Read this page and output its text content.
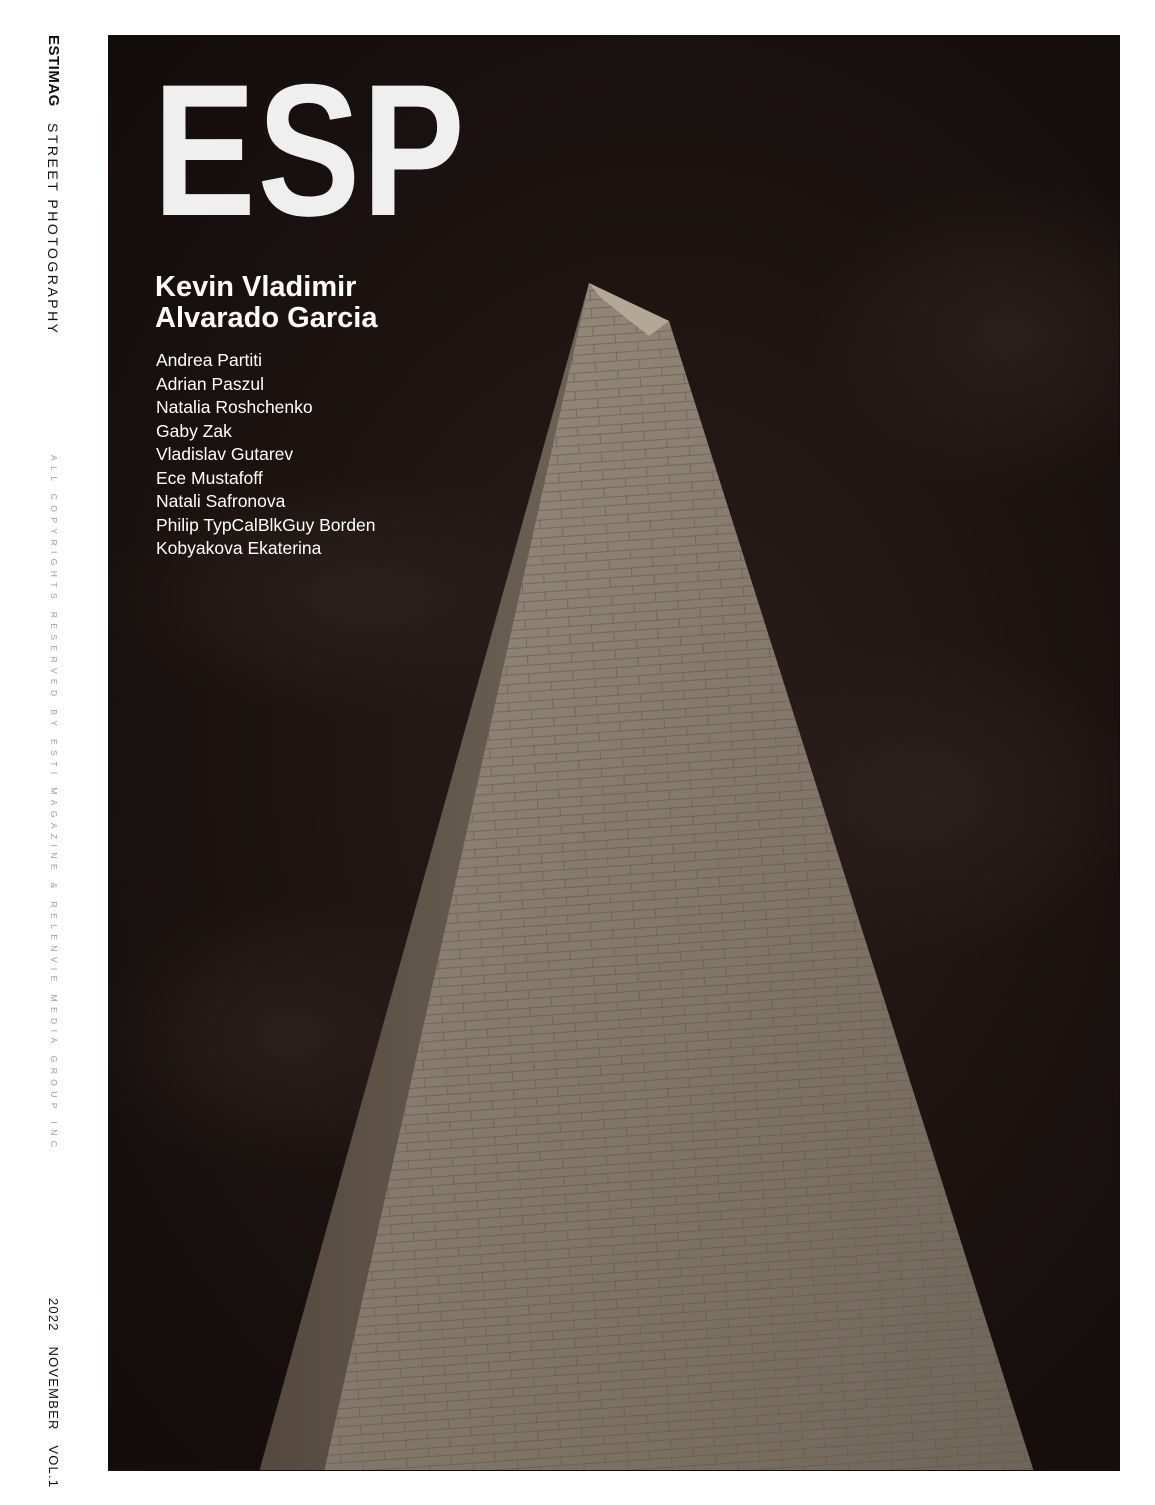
ESTIMAG
STREET PHOTOGRAPHY
ALL COPYRIGHTS RESERVED BY ESTI MAGAZINE & RELENVIE MEDIA GROUP INC
2022 NOVEMBER VOL.1
ESP
Kevin Vladimir
Alvarado Garcia
Andrea Partiti
Adrian Paszul
Natalia Roshchenko
Gaby Zak
Vladislav Gutarev
Ece Mustafoff
Natali Safronova
Philip TypCalBlkGuy Borden
Kobyakova Ekaterina
